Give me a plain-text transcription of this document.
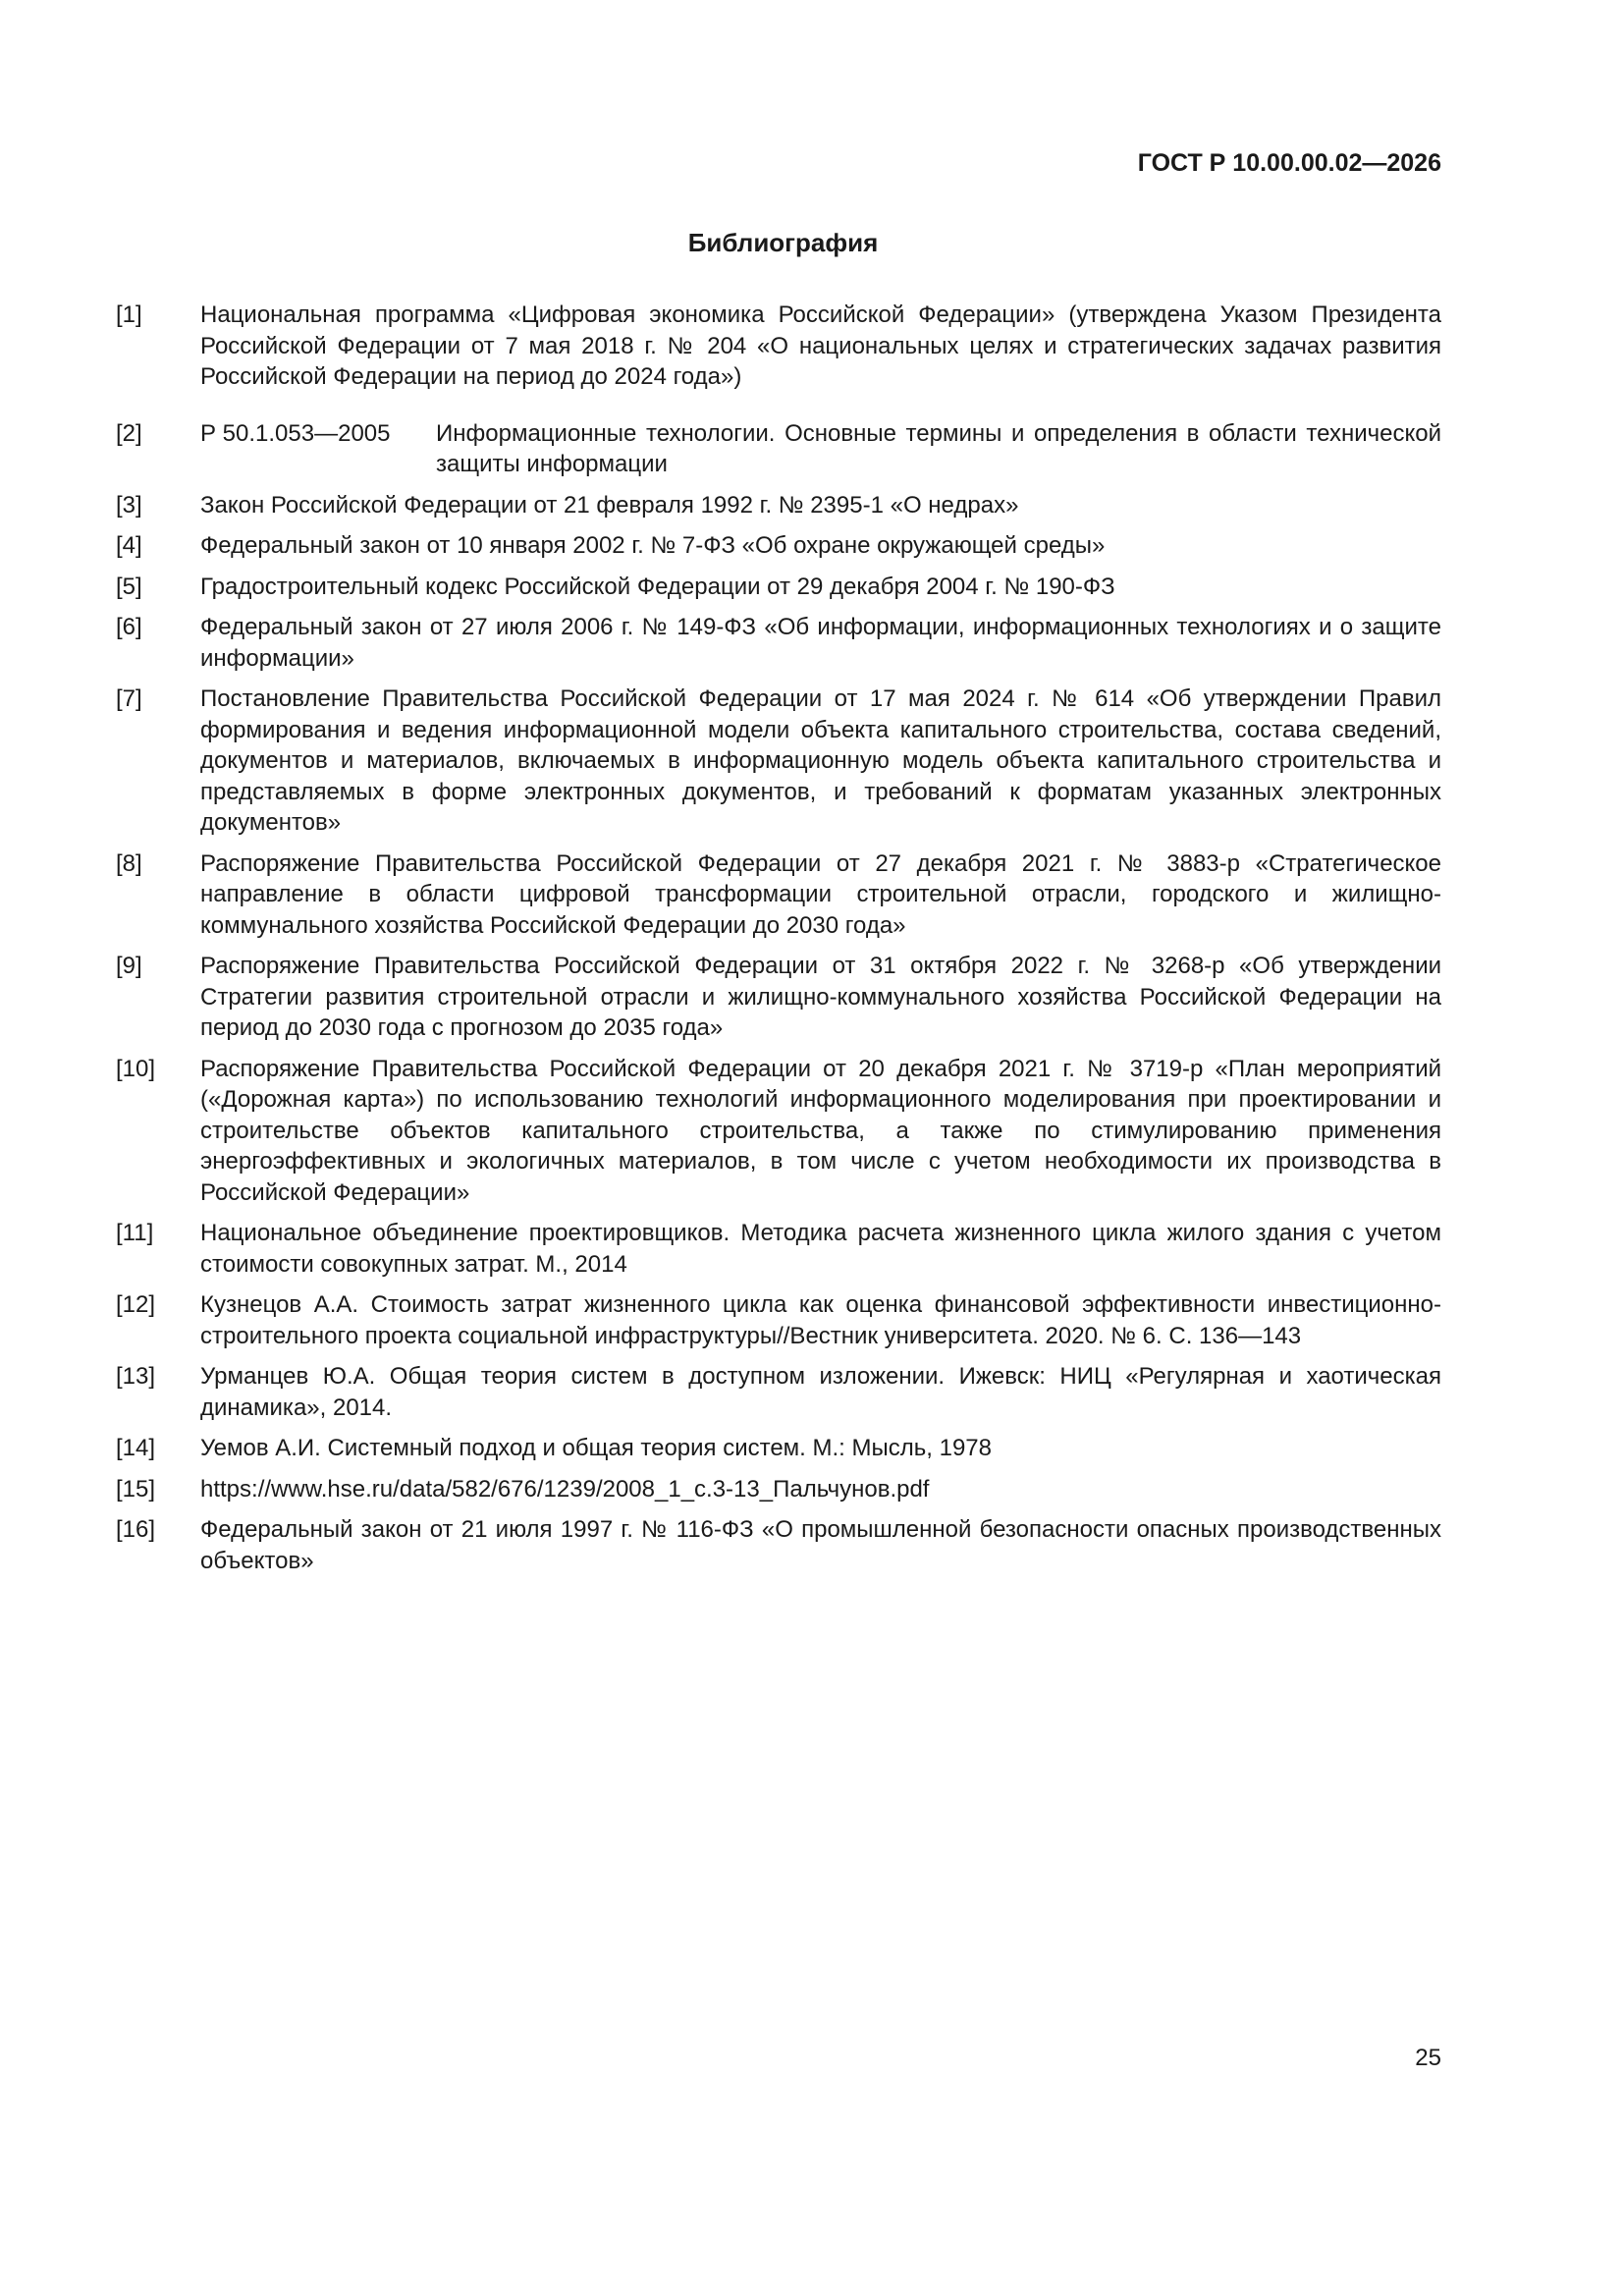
ГОСТ Р 10.00.00.02—2026
Библиография
[1]	Национальная программа «Цифровая экономика Российской Федерации» (утверждена Указом Президента Российской Федерации от 7 мая 2018 г. № 204 «О национальных целях и стратегических задачах развития Российской Федерации на период до 2024 года»)
[2]	Р 50.1.053—2005	Информационные технологии. Основные термины и определения в области технической защиты информации
[3]	Закон Российской Федерации от 21 февраля 1992 г. № 2395-1 «О недрах»
[4]	Федеральный закон от 10 января 2002 г. № 7-ФЗ «Об охране окружающей среды»
[5]	Градостроительный кодекс Российской Федерации от 29 декабря 2004 г. № 190-ФЗ
[6]	Федеральный закон от 27 июля 2006 г. № 149-ФЗ «Об информации, информационных технологиях и о защите информации»
[7]	Постановление Правительства Российской Федерации от 17 мая 2024 г. № 614 «Об утверждении Правил формирования и ведения информационной модели объекта капитального строительства, состава сведений, документов и материалов, включаемых в информационную модель объекта капитального строительства и представляемых в форме электронных документов, и требований к форматам указанных электронных документов»
[8]	Распоряжение Правительства Российской Федерации от 27 декабря 2021 г. № 3883-р «Стратегическое направление в области цифровой трансформации строительной отрасли, городского и жилищно-коммунального хозяйства Российской Федерации до 2030 года»
[9]	Распоряжение Правительства Российской Федерации от 31 октября 2022 г. № 3268-р «Об утверждении Стратегии развития строительной отрасли и жилищно-коммунального хозяйства Российской Федерации на период до 2030 года с прогнозом до 2035 года»
[10]	Распоряжение Правительства Российской Федерации от 20 декабря 2021 г. № 3719-р «План мероприятий («Дорожная карта») по использованию технологий информационного моделирования при проектировании и строительстве объектов капитального строительства, а также по стимулированию применения энергоэффективных и экологичных материалов, в том числе с учетом необходимости их производства в Российской Федерации»
[11]	Национальное объединение проектировщиков. Методика расчета жизненного цикла жилого здания с учетом стоимости совокупных затрат. М., 2014
[12]	Кузнецов А.А. Стоимость затрат жизненного цикла как оценка финансовой эффективности инвестиционно-строительного проекта социальной инфраструктуры//Вестник университета. 2020. № 6. С. 136—143
[13]	Урманцев Ю.А. Общая теория систем в доступном изложении. Ижевск: НИЦ «Регулярная и хаотическая динамика», 2014.
[14]	Уемов А.И. Системный подход и общая теория систем. М.: Мысль, 1978
[15]	https://www.hse.ru/data/582/676/1239/2008_1_с.3-13_Пальчунов.pdf
[16]	Федеральный закон от 21 июля 1997 г. № 116-ФЗ «О промышленной безопасности опасных производственных объектов»
25
